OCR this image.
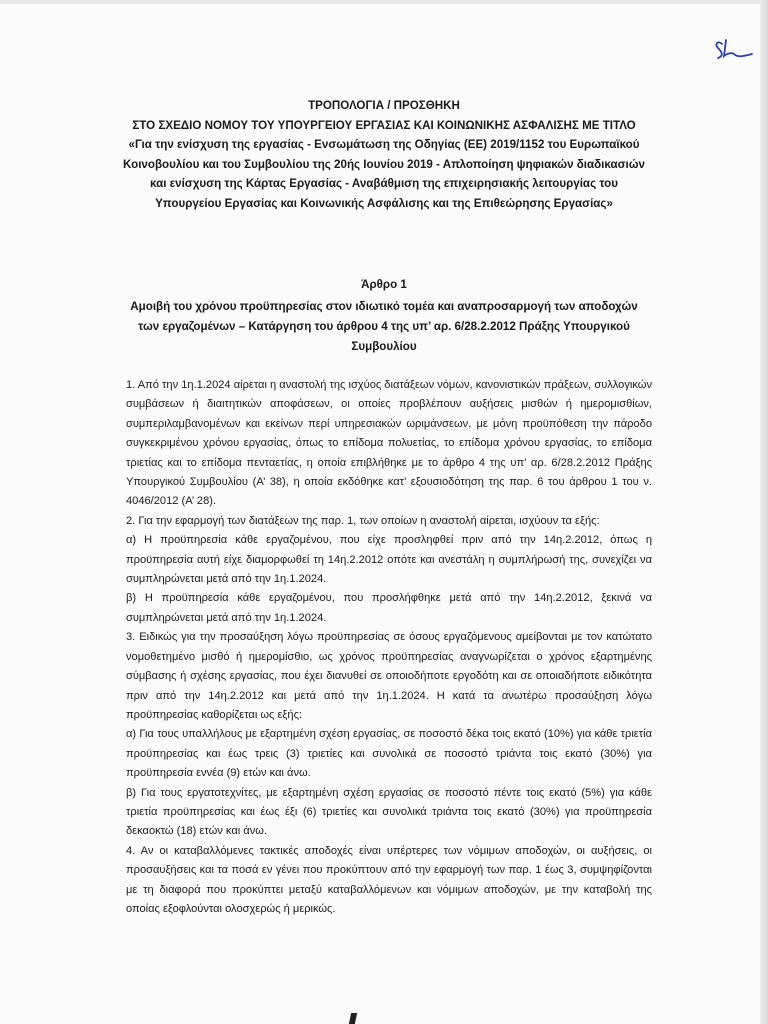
ΤΡΟΠΟΛΟΓΙΑ / ΠΡΟΣΘΗΚΗ
ΣΤΟ ΣΧΕΔΙΟ ΝΟΜΟΥ ΤΟΥ ΥΠΟΥΡΓΕΙΟΥ ΕΡΓΑΣΙΑΣ ΚΑΙ ΚΟΙΝΩΝΙΚΗΣ ΑΣΦΑΛΙΣΗΣ ΜΕ ΤΙΤΛΟ
«Για την ενίσχυση της εργασίας - Ενσωμάτωση της Οδηγίας (ΕΕ) 2019/1152 του Ευρωπαϊκού Κοινοβουλίου και του Συμβουλίου της 20ής Ιουνίου 2019 - Απλοποίηση ψηφιακών διαδικασιών και ενίσχυση της Κάρτας Εργασίας - Αναβάθμιση της επιχειρησιακής λειτουργίας του Υπουργείου Εργασίας και Κοινωνικής Ασφάλισης και της Επιθεώρησης Εργασίας»
Άρθρο 1
Αμοιβή του χρόνου προϋπηρεσίας στον ιδιωτικό τομέα και αναπροσαρμογή των αποδοχών των εργαζομένων – Κατάργηση του άρθρου 4 της υπ’ αρ. 6/28.2.2012 Πράξης Υπουργικού Συμβουλίου

1. Από την 1η.1.2024 αίρεται η αναστολή της ισχύος διατάξεων νόμων, κανονιστικών πράξεων, συλλογικών συμβάσεων ή διαιτητικών αποφάσεων, οι οποίες προβλέπουν αυξήσεις μισθών ή ημερομισθίων, συμπεριλαμβανομένων και εκείνων περί υπηρεσιακών ωριμάνσεων, με μόνη προϋπόθεση την πάροδο συγκεκριμένου χρόνου εργασίας, όπως το επίδομα πολυετίας, το επίδομα χρόνου εργασίας, το επίδομα τριετίας και το επίδομα πενταετίας, η οποία επιβλήθηκε με το άρθρο 4 της υπ’ αρ. 6/28.2.2012 Πράξης Υπουργικού Συμβουλίου (Α’ 38), η οποία εκδόθηκε κατ’ εξουσιοδότηση της παρ. 6 του άρθρου 1 του ν. 4046/2012 (Α’ 28).

2. Για την εφαρμογή των διατάξεων της παρ. 1, των οποίων η αναστολή αίρεται, ισχύουν τα εξής:

α) Η προϋπηρεσία κάθε εργαζομένου, που είχε προσληφθεί πριν από την 14η.2.2012, όπως η προϋπηρεσία αυτή είχε διαμορφωθεί τη 14η.2.2012 οπότε και ανεστάλη η συμπλήρωσή της, συνεχίζει να συμπληρώνεται μετά από την 1η.1.2024.

β) Η προϋπηρεσία κάθε εργαζομένου, που προσλήφθηκε μετά από την 14η.2.2012, ξεκινά να συμπληρώνεται μετά από την 1η.1.2024.

3. Ειδικώς για την προσαύξηση λόγω προϋπηρεσίας σε όσους εργαζόμενους αμείβονται με τον κατώτατο νομοθετημένο μισθό ή ημερομίσθιο, ως χρόνος προϋπηρεσίας αναγνωρίζεται ο χρόνος εξαρτημένης σύμβασης ή σχέσης εργασίας, που έχει διανυθεί σε οποιοδήποτε εργοδότη και σε οποιαδήποτε ειδικότητα πριν από την 14η.2.2012 και μετά από την 1η.1.2024. Η κατά τα ανωτέρω προσαύξηση λόγω προϋπηρεσίας καθορίζεται ως εξής:

α) Για τους υπαλλήλους με εξαρτημένη σχέση εργασίας, σε ποσοστό δέκα τοις εκατό (10%) για κάθε τριετία προϋπηρεσίας και έως τρεις (3) τριετίες και συνολικά σε ποσοστό τριάντα τοις εκατό (30%) για προϋπηρεσία εννέα (9) ετών και άνω.

β) Για τους εργατοτεχνίτες, με εξαρτημένη σχέση εργασίας σε ποσοστό πέντε τοις εκατό (5%) για κάθε τριετία προϋπηρεσίας και έως έξι (6) τριετίες και συνολικά τριάντα τοις εκατό (30%) για προϋπηρεσία δεκαοκτώ (18) ετών και άνω.

4. Αν οι καταβαλλόμενες τακτικές αποδοχές είναι υπέρτερες των νόμιμων αποδοχών, οι αυξήσεις, οι προσαυξήσεις και τα ποσά εν γένει που προκύπτουν από την εφαρμογή των παρ. 1 έως 3, συμψηφίζονται με τη διαφορά που προκύπτει μεταξύ καταβαλλόμενων και νόμιμων αποδοχών, με την καταβολή της οποίας εξοφλούνται ολοσχερώς ή μερικώς.
